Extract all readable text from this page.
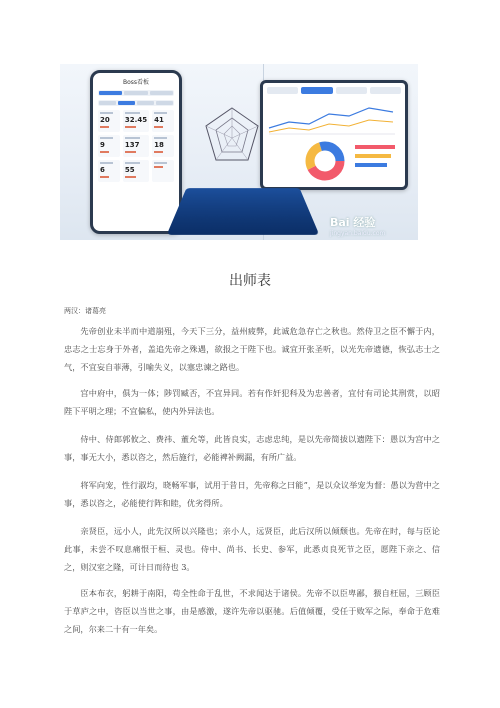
Boss看板
20	32.45 41
9	137	18
6	55
Bai 经验
jingyan.baidu.com
出师表
两汉：诸葛亮
先帝创业未半而中道崩殂，今天下三分，益州疲弊，此诚危急存亡之秋也。然侍卫之臣不懈于内，忠志之士忘身于外者，盖追先帝之殊遇，欲报之于陛下也。诚宜开张圣听，以光先帝遗德，恢弘志士之气，不宜妄自菲薄，引喻失义，以塞忠谏之路也。
宫中府中，俱为一体；陟罚臧否，不宜异同。若有作奸犯科及为忠善者，宜付有司论其刑赏，以昭陛下平明之理；不宜偏私，使内外异法也。
侍中、侍郎郭攸之、费祎、董允等，此皆良实，志虑忠纯，是以先帝简拔以遗陛下：愚以为宫中之事，事无大小，悉以咨之，然后施行，必能裨补阙漏，有所广益。
将军向宠，性行淑均，晓畅军事，试用于昔日，先帝称之曰能”，是以众议举宠为督：愚以为营中之事，悉以咨之，必能使行阵和睦，优劣得所。
亲贤臣，远小人，此先汉所以兴隆也；亲小人，远贤臣，此后汉所以倾颓也。先帝在时，每与臣论此事，未尝不叹息痛恨于桓、灵也。侍中、尚书、长史、参军，此悉贞良死节之臣，愿陛下亲之、信之，则汉室之隆，可计日而待也 3。
臣本布衣，躬耕于南阳，苟全性命于乱世，不求闻达于诸侯。先帝不以臣卑鄙，猥自枉屈，三顾臣于草庐之中，咨臣以当世之事，由是感激，遂许先帝以驱驰。后值倾覆，受任于败军之际，奉命于危难之间，尔来二十有一年矣。
